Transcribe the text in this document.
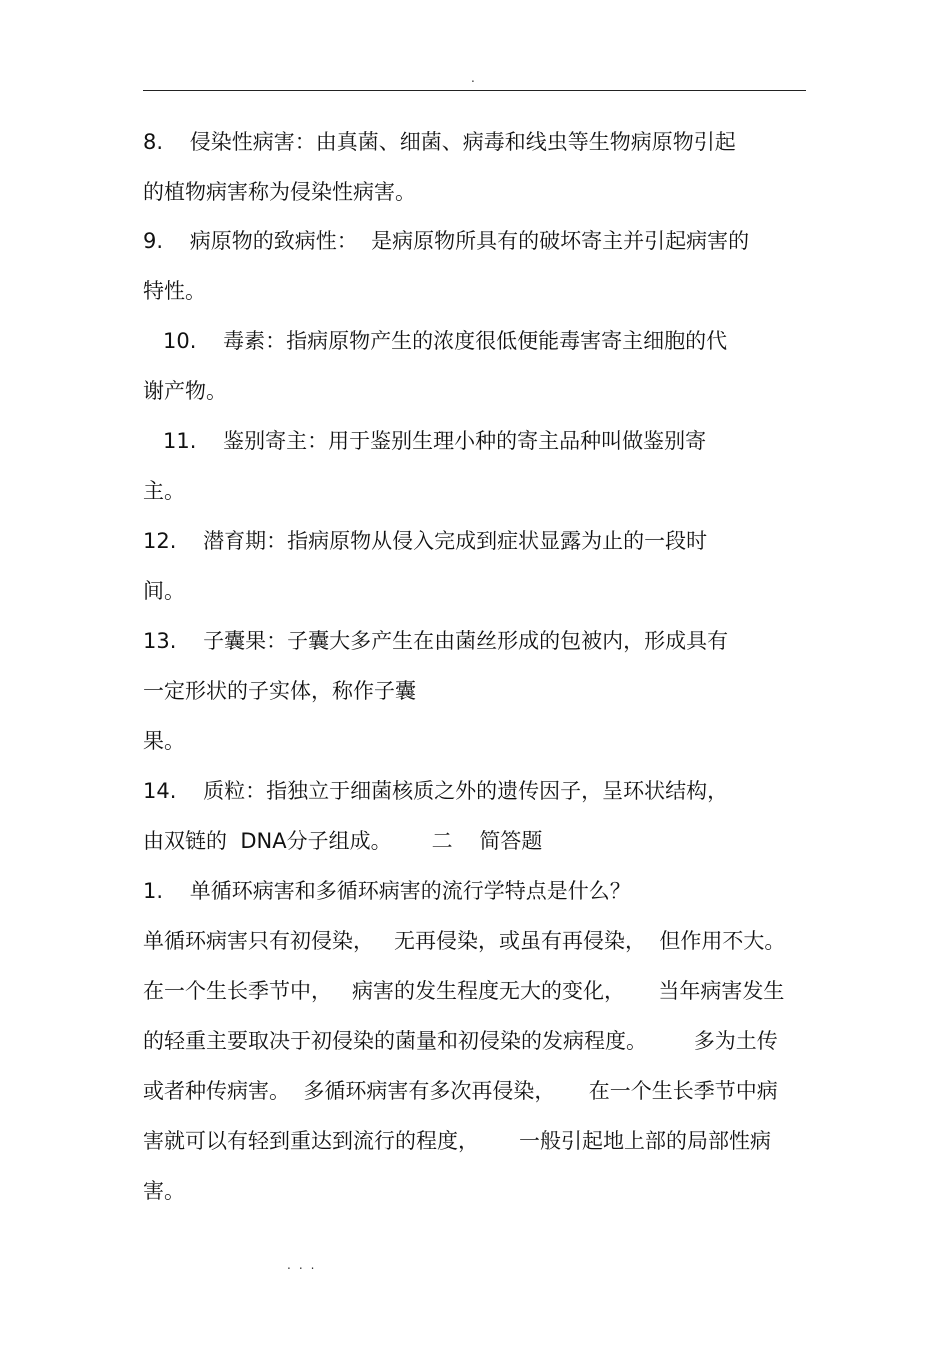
.
8.    侵染性病害：由真菌、细菌、病毒和线虫等生物病原物引起
的植物病害称为侵染性病害。
9.    病原物的致病性：  是病原物所具有的破坏寄主并引起病害的
特性。
10.    毒素：指病原物产生的浓度很低便能毒害寄主细胞的代
谢产物。
11.    鉴别寄主：用于鉴别生理小种的寄主品种叫做鉴别寄
主。
12.    潜育期：指病原物从侵入完成到症状显露为止的一段时
间。
13.    子囊果：子囊大多产生在由菌丝形成的包被内，形成具有
一定形状的子实体，称作子囊
果。
14.    质粒：指独立于细菌核质之外的遗传因子，呈环状结构，
由双链的  DNA分子组成。      二    简答题
1.    单循环病害和多循环病害的流行学特点是什么？
单循环病害只有初侵染，   无再侵染，或虽有再侵染，  但作用不大。
在一个生长季节中，   病害的发生程度无大的变化，     当年病害发生
的轻重主要取决于初侵染的菌量和初侵染的发病程度。       多为土传
或者种传病害。  多循环病害有多次再侵染，     在一个生长季节中病
害就可以有轻到重达到流行的程度，      一般引起地上部的局部性病
害。
...
